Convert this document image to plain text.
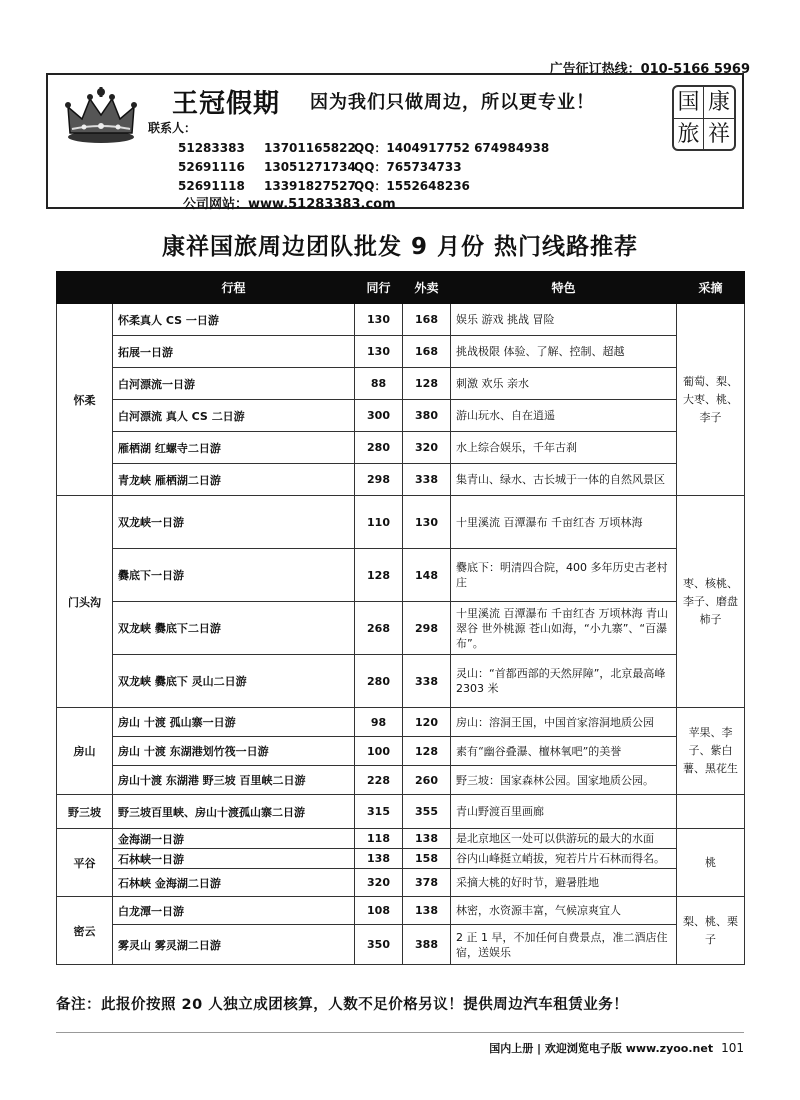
广告征订热线：010-5166 5969
王冠假期 因为我们只做周边，所以更专业！
联系人：
51283383 13701165822QQ：1404917752 674984938
52691116 13051271734QQ：765734733
52691118 13391827527QQ：1552648236
公司网站：www.51283383.com
国 康
旅 祥
康祥国旅周边团队批发 9 月份 热门线路推荐
	行程	同行	外卖	特色	采摘
怀柔	怀柔真人 CS 一日游	130	168	娱乐 游戏 挑战 冒险	葡萄、梨、大枣、桃、李子
	拓展一日游	130	168	挑战极限 体验、了解、控制、超越	
	白河漂流一日游	88	128	刺激 欢乐 亲水	
	白河漂流 真人 CS 二日游	300	380	游山玩水、自在逍遥	
	雁栖湖 红螺寺二日游	280	320	水上综合娱乐，千年古刹	
	青龙峡 雁栖湖二日游	298	338	集青山、绿水、古长城于一体的自然风景区	
门头沟	双龙峡一日游	110	130	十里溪流 百潭瀑布 千亩红杏 万顷林海	枣、核桃、李子、磨盘柿子
	爨底下一日游	128	148	爨底下：明清四合院，400 多年历史古老村庄	
	双龙峡 爨底下二日游	268	298	十里溪流 百潭瀑布 千亩红杏 万顷林海 青山翠谷 世外桃源 苍山如海，“小九寨”、“百瀑布”。	
	双龙峡 爨底下 灵山二日游	280	338	灵山：“首都西部的天然屏障”，北京最高峰 2303 米	
房山	房山 十渡 孤山寨一日游	98	120	房山：溶洞王国，中国首家溶洞地质公园	苹果、李子、紫白薯、黑花生
	房山 十渡 东湖港划竹筏一日游	100	128	素有“幽谷叠瀑、檀林氧吧”的美誉	
	房山十渡 东湖港 野三坡 百里峡二日游	228	260	野三坡：国家森林公园。国家地质公园。	
野三坡	野三坡百里峡、房山十渡孤山寨二日游	315	355	青山野渡百里画廊	
平谷	金海湖一日游	118	138	是北京地区一处可以供游玩的最大的水面	桃
	石林峡一日游	138	158	谷内山峰挺立峭拔，宛若片片石林而得名。	
	石林峡 金海湖二日游	320	378	采摘大桃的好时节，避暑胜地	
密云	白龙潭一日游	108	138	林密，水资源丰富，气候凉爽宜人	梨、桃、栗子
	雾灵山 雾灵湖二日游	350	388	2 正 1 早，不加任何自费景点，准二酒店住宿，送娱乐	
备注：此报价按照 20 人独立成团核算，人数不足价格另议！提供周边汽车租赁业务！
国内上册 | 欢迎浏览电子版 www.zyoo.net 101
